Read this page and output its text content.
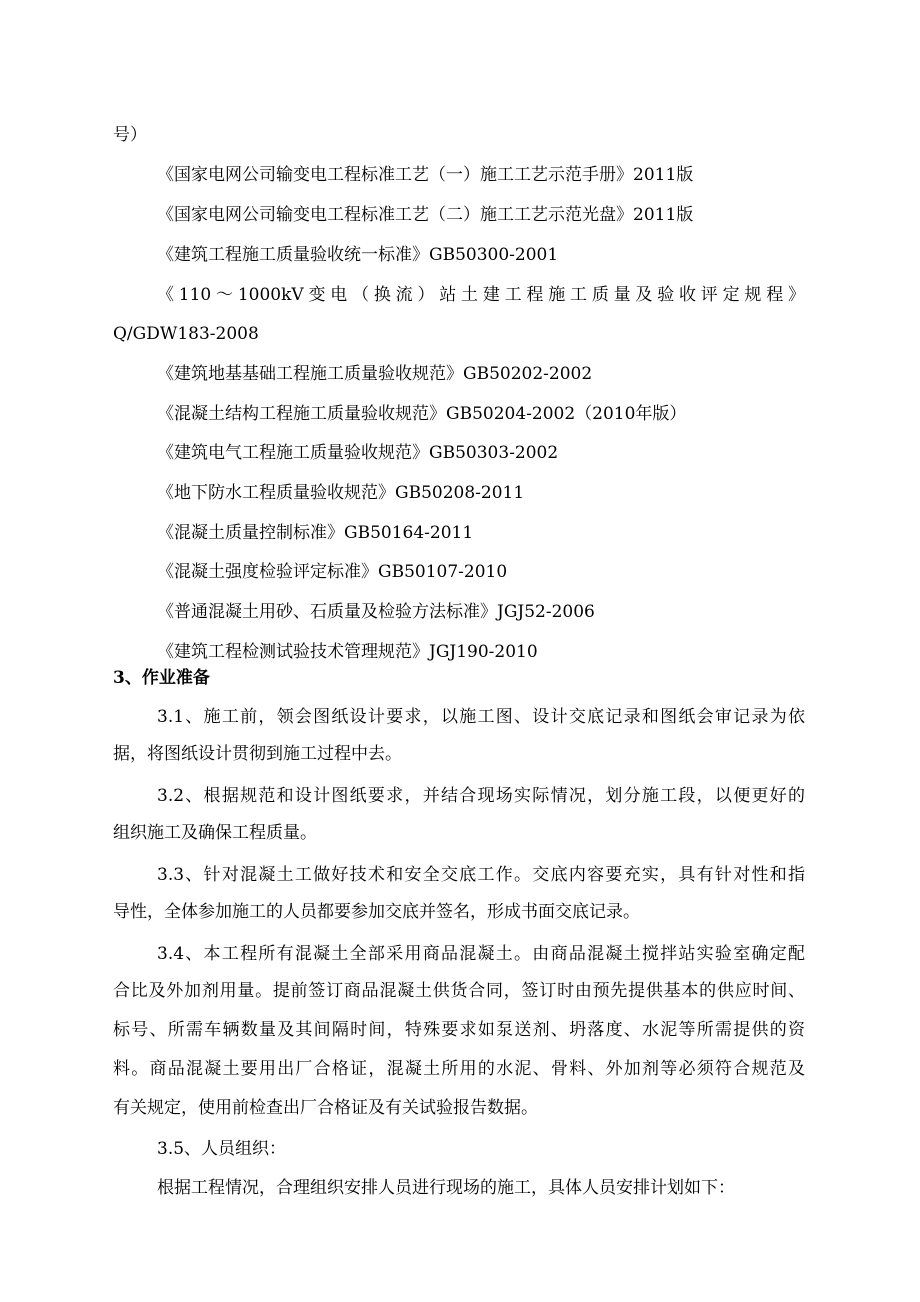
号）
《国家电网公司输变电工程标准工艺（一）施工工艺示范手册》2011版
《国家电网公司输变电工程标准工艺（二）施工工艺示范光盘》2011版
《建筑工程施工质量验收统一标准》GB50300-2001
《110～1000kV变电（换流）站土建工程施工质量及验收评定规程》
Q/GDW183-2008
《建筑地基基础工程施工质量验收规范》GB50202-2002
《混凝土结构工程施工质量验收规范》GB50204-2002（2010年版）
《建筑电气工程施工质量验收规范》GB50303-2002
《地下防水工程质量验收规范》GB50208-2011
《混凝土质量控制标准》GB50164-2011
《混凝土强度检验评定标准》GB50107-2010
《普通混凝土用砂、石质量及检验方法标准》JGJ52-2006
《建筑工程检测试验技术管理规范》JGJ190-2010
3、作业准备
3.1、施工前，领会图纸设计要求，以施工图、设计交底记录和图纸会审记录为依
据，将图纸设计贯彻到施工过程中去。
3.2、根据规范和设计图纸要求，并结合现场实际情况，划分施工段，以便更好的
组织施工及确保工程质量。
3.3、针对混凝土工做好技术和安全交底工作。交底内容要充实，具有针对性和指
导性，全体参加施工的人员都要参加交底并签名，形成书面交底记录。
3.4、本工程所有混凝土全部采用商品混凝土。由商品混凝土搅拌站实验室确定配
合比及外加剂用量。提前签订商品混凝土供货合同，签订时由预先提供基本的供应时间、
标号、所需车辆数量及其间隔时间，特殊要求如泵送剂、坍落度、水泥等所需提供的资
料。商品混凝土要用出厂合格证，混凝土所用的水泥、骨料、外加剂等必须符合规范及
有关规定，使用前检查出厂合格证及有关试验报告数据。
3.5、人员组织：
根据工程情况，合理组织安排人员进行现场的施工，具体人员安排计划如下：
